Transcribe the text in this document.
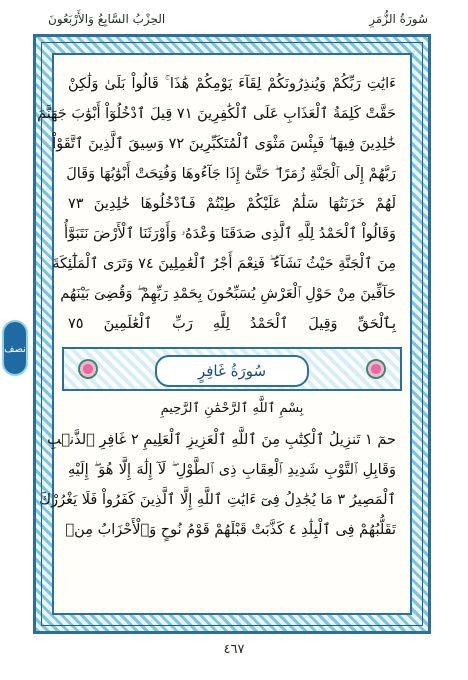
سُورَةُ الزُّمَرِ
الحِزْبُ السَّابِعُ وَالأَرْبَعُونَ
ءَايَٰتِ رَبِّكُمْ وَيُنذِرُونَكُمْ لِقَآءَ يَوْمِكُمْ هَٰذَا ۚ قَالُواْ بَلَىٰ وَلَٰكِنْ
حَقَّتْ كَلِمَةُ ٱلْعَذَابِ عَلَى ٱلْكَٰفِرِينَ ٧١ قِيلَ ٱدْخُلُوٓاْ أَبْوَٰبَ جَهَنَّمَ
خَٰلِدِينَ فِيهَا ۖ فَبِئْسَ مَثْوَى ٱلْمُتَكَبِّرِينَ ٧٢ وَسِيقَ ٱلَّذِينَ ٱتَّقَوْاْ
رَبَّهُمْ إِلَى ٱلْجَنَّةِ زُمَرًا ۖ حَتَّىٰٓ إِذَا جَآءُوهَا وَفُتِحَتْ أَبْوَٰبُهَا وَقَالَ
لَهُمْ خَزَنَتُهَا سَلَٰمٌ عَلَيْكُمْ طِبْتُمْ فَٱدْخُلُوهَا خَٰلِدِينَ ٧٣
وَقَالُواْ ٱلْحَمْدُ لِلَّهِ ٱلَّذِى صَدَقَنَا وَعْدَهُۥ وَأَوْرَثَنَا ٱلْأَرْضَ نَتَبَوَّأُ
مِنَ ٱلْجَنَّةِ حَيْثُ نَشَآءُ ۖ فَنِعْمَ أَجْرُ ٱلْعَٰمِلِينَ ٧٤ وَتَرَى ٱلْمَلَٰٓئِكَةَ
حَآفِّينَ مِنْ حَوْلِ ٱلْعَرْشِ يُسَبِّحُونَ بِحَمْدِ رَبِّهِمْ ۖ وَقُضِىَ بَيْنَهُم
بِٱلْحَقِّ وَقِيلَ ٱلْحَمْدُ لِلَّهِ رَبِّ ٱلْعَٰلَمِينَ ٧٥
سُورَةُ غَافِرٍ
بِسْمِ ٱللَّهِ ٱلرَّحْمَٰنِ ٱلرَّحِيمِ
حمٓ ١ تَنزِيلُ ٱلْكِتَٰبِ مِنَ ٱللَّهِ ٱلْعَزِيزِ ٱلْعَلِيمِ ٢ غَافِرِ ٱلذَّنۢبِ
وَقَابِلِ ٱلتَّوْبِ شَدِيدِ ٱلْعِقَابِ ذِى ٱلطَّوْلِ ۖ لَآ إِلَٰهَ إِلَّا هُوَ ۖ إِلَيْهِ
ٱلْمَصِيرُ ٣ مَا يُجَٰدِلُ فِىٓ ءَايَٰتِ ٱللَّهِ إِلَّا ٱلَّذِينَ كَفَرُواْ فَلَا يَغْرُرْكَ
تَقَلُّبُهُمْ فِى ٱلْبِلَٰدِ ٤ كَذَّبَتْ قَبْلَهُمْ قَوْمُ نُوحٍ وَٱلْأَحْزَابُ مِنۢ
نصف
٤٦٧
